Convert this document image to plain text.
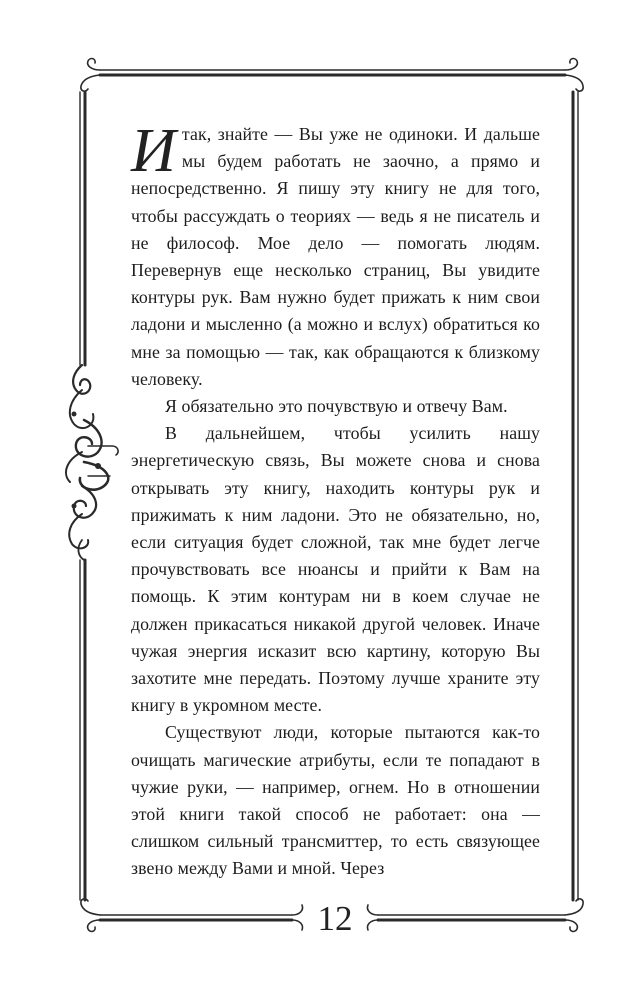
Итак, знайте — Вы уже не одиноки. И дальше мы будем работать не заочно, а прямо и непосредственно. Я пишу эту книгу не для того, чтобы рассуждать о теориях — ведь я не писатель и не философ. Мое дело — помогать людям. Перевернув еще несколько страниц, Вы увидите контуры рук. Вам нужно будет прижать к ним свои ладони и мысленно (а можно и вслух) обратиться ко мне за помощью — так, как обращаются к близкому человеку.

Я обязательно это почувствую и отвечу Вам.

В дальнейшем, чтобы усилить нашу энергетическую связь, Вы можете снова и снова открывать эту книгу, находить контуры рук и прижимать к ним ладони. Это не обязательно, но, если ситуация будет сложной, так мне будет легче прочувствовать все нюансы и прийти к Вам на помощь. К этим контурам ни в коем случае не должен прикасаться никакой другой человек. Иначе чужая энергия исказит всю картину, которую Вы захотите мне передать. Поэтому лучше храните эту книгу в укромном месте.

Существуют люди, которые пытаются как-то очищать магические атрибуты, если те попадают в чужие руки, — например, огнем. Но в отношении этой книги такой способ не работает: она — слишком сильный трансмиттер, то есть связующее звено между Вами и мной. Через

12
